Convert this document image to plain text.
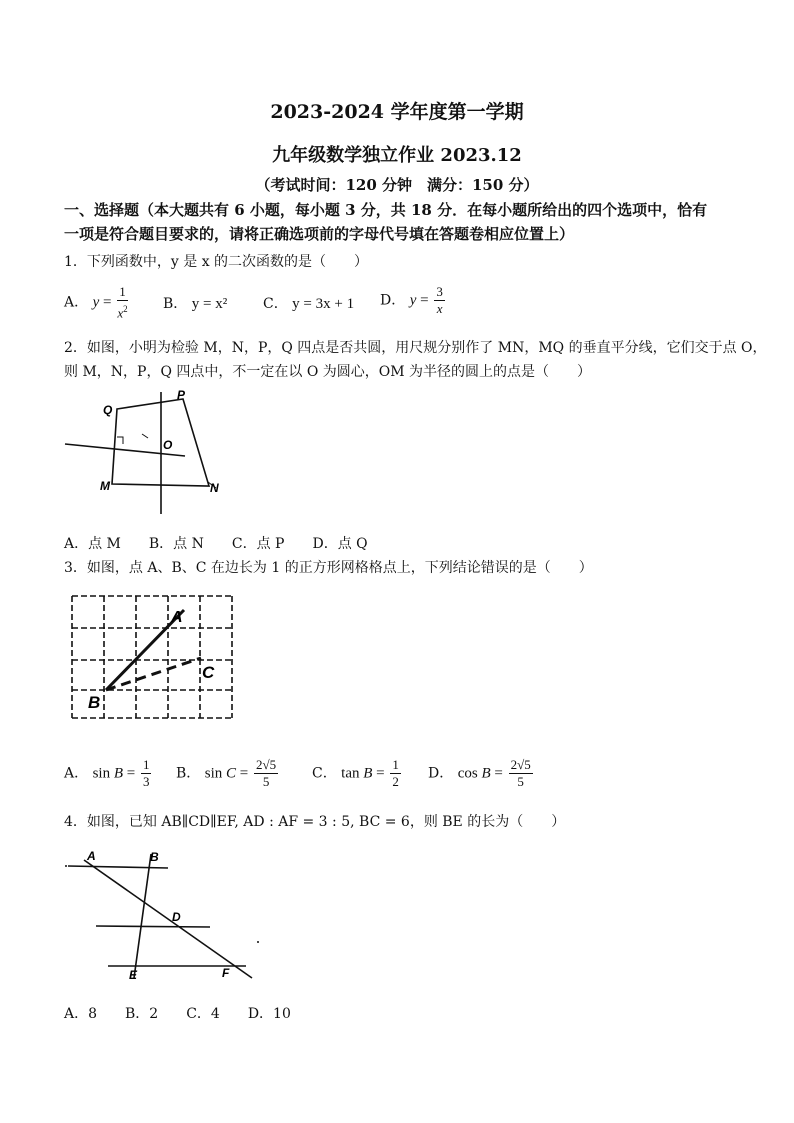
2023-2024 学年度第一学期
九年级数学独立作业 2023.12
（考试时间：120 分钟　满分：150 分）
一、选择题（本大题共有 6 小题，每小题 3 分，共 18 分．在每小题所给出的四个选项中，恰有
一项是符合题目要求的，请将正确选项前的字母代号填在答题卷相应位置上）
1．下列函数中，y 是 x 的二次函数的是（　　）
A． $y = \frac{1}{x^2}$	B． y = x²	C． y = 3x + 1 D． $y = \frac{3}{x}$
2．如图，小明为检验 M，N，P，Q 四点是否共圆，用尺规分别作了 MN，MQ 的垂直平分线，它们交于点 O，
则 M，N，P，Q 四点中，不一定在以 O 为圆心，OM 为半径的圆上的点是（　　）
Q
P
O
M	N
A．点 M　　B．点 N　　C．点 P　　D．点 Q
3．如图，点 A、B、C 在边长为 1 的正方形网格格点上，下列结论错误的是（　　）
A
B
C
A． $\sin B = \frac{1}{3}$ B． $\sin C = \frac{2√5}{5}$ C． $\tan B = \frac{1}{2}$ D． $\cos B = \frac{2√5}{5}$
4．如图，已知 AB∥CD∥EF, AD : AF = 3 : 5, BC = 6，则 BE 的长为（　　）
A	B
D
E	F
A．8　　B．2　　C．4　　D．10
